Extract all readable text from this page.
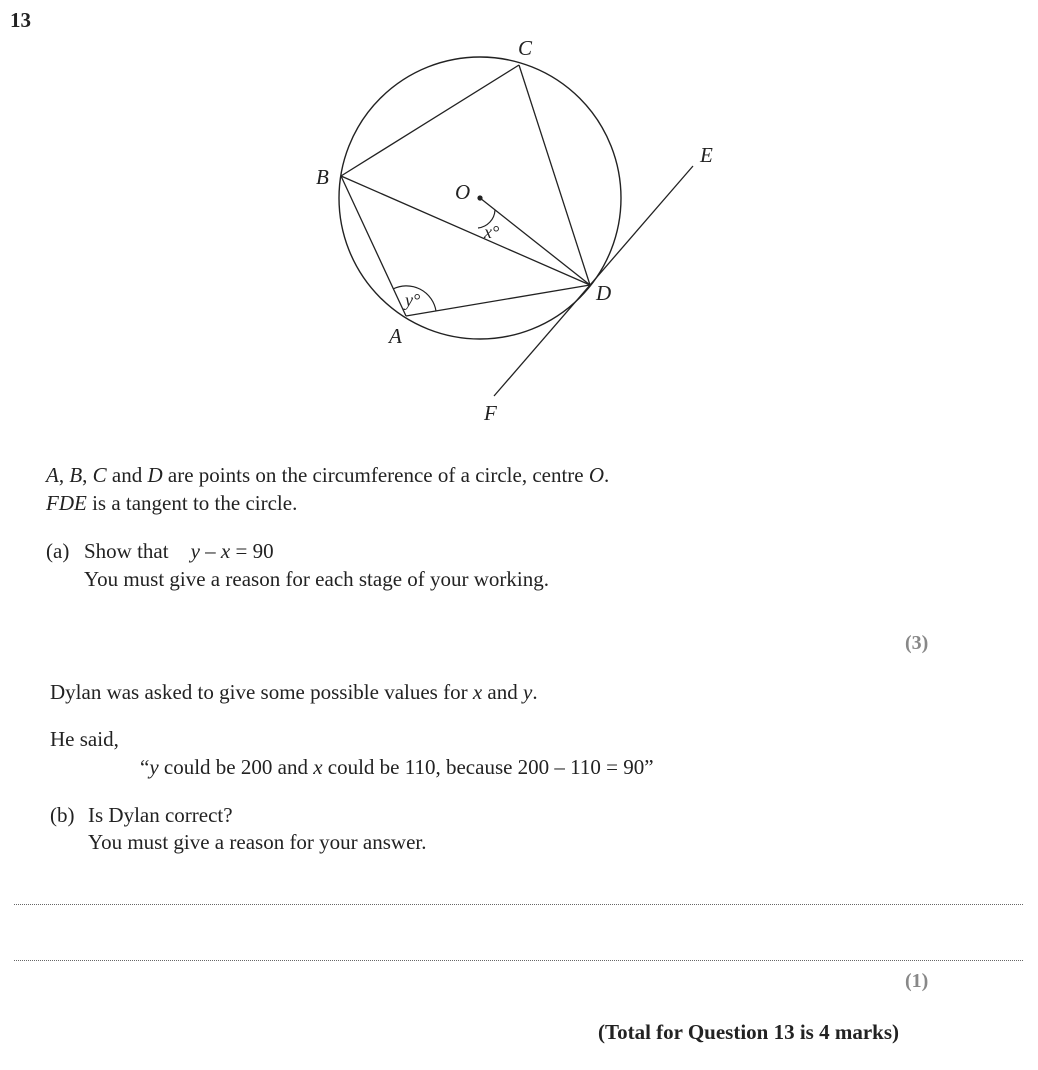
13
C
E
B
O
D
A
F
x°
y°
A, B, C and D are points on the circumference of a circle, centre O.
FDE is a tangent to the circle.
(a) Show that y – x = 90
You must give a reason for each stage of your working.
(3)
Dylan was asked to give some possible values for x and y.
He said,
“y could be 200 and x could be 110, because 200 – 110 = 90”
(b) Is Dylan correct?
You must give a reason for your answer.
(1)
(Total for Question 13 is 4 marks)
